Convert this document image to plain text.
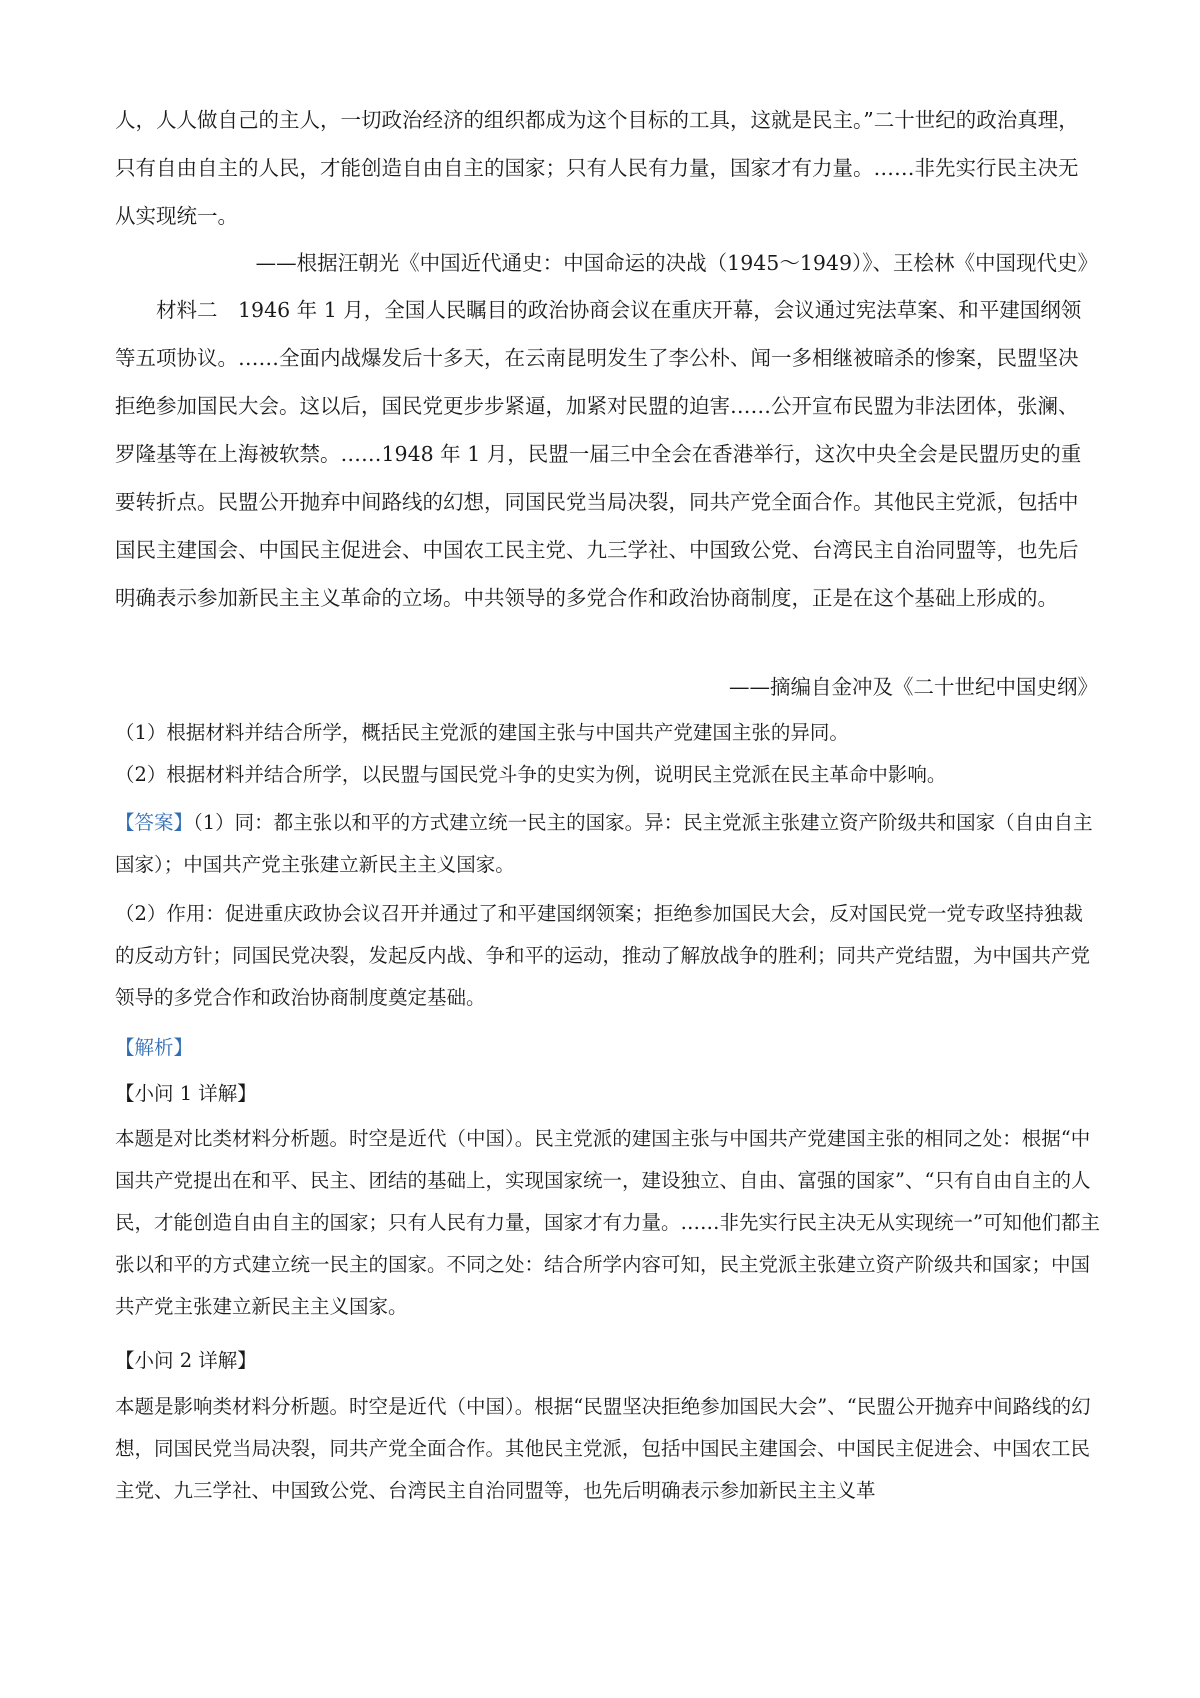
人，人人做自己的主人，一切政治经济的组织都成为这个目标的工具，这就是民主。”二十世纪的政治真理，只有自由自主的人民，才能创造自由自主的国家；只有人民有力量，国家才有力量。……非先实行民主决无从实现统一。

——根据汪朝光《中国近代通史：中国命运的决战（1945～1949）》、王桧林《中国现代史》

材料二　1946 年 1 月，全国人民瞩目的政治协商会议在重庆开幕，会议通过宪法草案、和平建国纲领等五项协议。……全面内战爆发后十多天，在云南昆明发生了李公朴、闻一多相继被暗杀的惨案，民盟坚决拒绝参加国民大会。这以后，国民党更步步紧逼，加紧对民盟的迫害……公开宣布民盟为非法团体，张澜、罗隆基等在上海被软禁。……1948 年 1 月，民盟一届三中全会在香港举行，这次中央全会是民盟历史的重要转折点。民盟公开抛弃中间路线的幻想，同国民党当局决裂，同共产党全面合作。其他民主党派，包括中国民主建国会、中国民主促进会、中国农工民主党、九三学社、中国致公党、台湾民主自治同盟等，也先后明确表示参加新民主主义革命的立场。中共领导的多党合作和政治协商制度，正是在这个基础上形成的。

——摘编自金冲及《二十世纪中国史纲》

（1）根据材料并结合所学，概括民主党派的建国主张与中国共产党建国主张的异同。

（2）根据材料并结合所学，以民盟与国民党斗争的史实为例，说明民主党派在民主革命中影响。

【答案】（1）同：都主张以和平的方式建立统一民主的国家。异：民主党派主张建立资产阶级共和国家（自由自主国家）；中国共产党主张建立新民主主义国家。

（2）作用：促进重庆政协会议召开并通过了和平建国纲领案；拒绝参加国民大会，反对国民党一党专政坚持独裁的反动方针；同国民党决裂，发起反内战、争和平的运动，推动了解放战争的胜利；同共产党结盟，为中国共产党领导的多党合作和政治协商制度奠定基础。

【解析】

【小问 1 详解】

本题是对比类材料分析题。时空是近代（中国）。民主党派的建国主张与中国共产党建国主张的相同之处：根据“中国共产党提出在和平、民主、团结的基础上，实现国家统一，建设独立、自由、富强的国家”、“只有自由自主的人民，才能创造自由自主的国家；只有人民有力量，国家才有力量。……非先实行民主决无从实现统一”可知他们都主张以和平的方式建立统一民主的国家。不同之处：结合所学内容可知，民主党派主张建立资产阶级共和国家；中国共产党主张建立新民主主义国家。

【小问 2 详解】

本题是影响类材料分析题。时空是近代（中国）。根据“民盟坚决拒绝参加国民大会”、“民盟公开抛弃中间路线的幻想，同国民党当局决裂，同共产党全面合作。其他民主党派，包括中国民主建国会、中国民主促进会、中国农工民主党、九三学社、中国致公党、台湾民主自治同盟等，也先后明确表示参加新民主主义革
